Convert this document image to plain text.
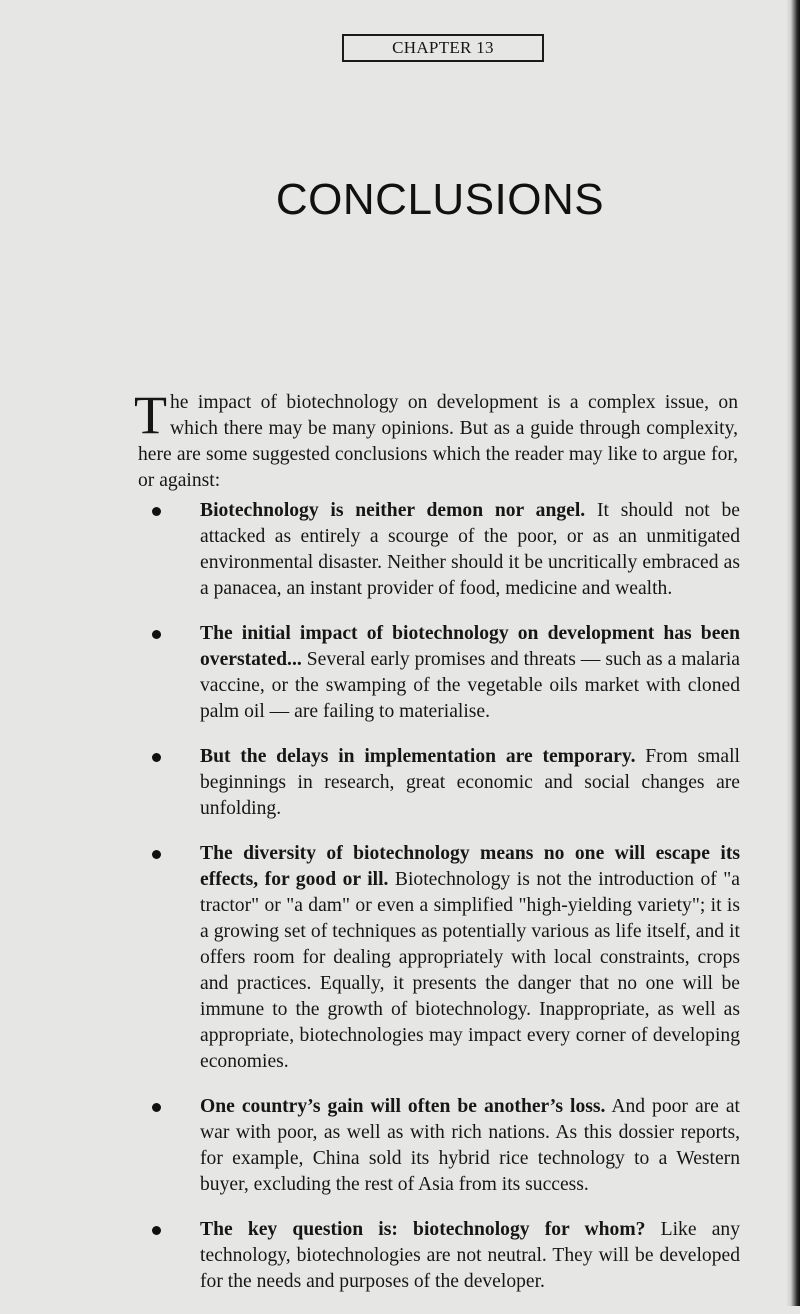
CHAPTER 13
CONCLUSIONS

The impact of biotechnology on development is a complex issue, on which there may be many opinions. But as a guide through complexity, here are some suggested conclusions which the reader may like to argue for, or against:

Biotechnology is neither demon nor angel. It should not be attacked as entirely a scourge of the poor, or as an unmitigated environmental disaster. Neither should it be uncritically embraced as a panacea, an instant provider of food, medicine and wealth.
The initial impact of biotechnology on development has been overstated... Several early promises and threats — such as a malaria vaccine, or the swamping of the vegetable oils market with cloned palm oil — are failing to materialise.
But the delays in implementation are temporary. From small beginnings in research, great economic and social changes are unfolding.
The diversity of biotechnology means no one will escape its effects, for good or ill. Biotechnology is not the introduction of "a tractor" or "a dam" or even a simplified "high-yielding variety"; it is a growing set of techniques as potentially various as life itself, and it offers room for dealing appropriately with local constraints, crops and practices. Equally, it presents the danger that no one will be immune to the growth of biotechnology. Inappropriate, as well as appropriate, biotechnologies may impact every corner of developing economies.
One country’s gain will often be another’s loss. And poor are at war with poor, as well as with rich nations. As this dossier reports, for example, China sold its hybrid rice technology to a Western buyer, excluding the rest of Asia from its success.
The key question is: biotechnology for whom? Like any technology, biotechnologies are not neutral. They will be developed for the needs and purposes of the developer.
